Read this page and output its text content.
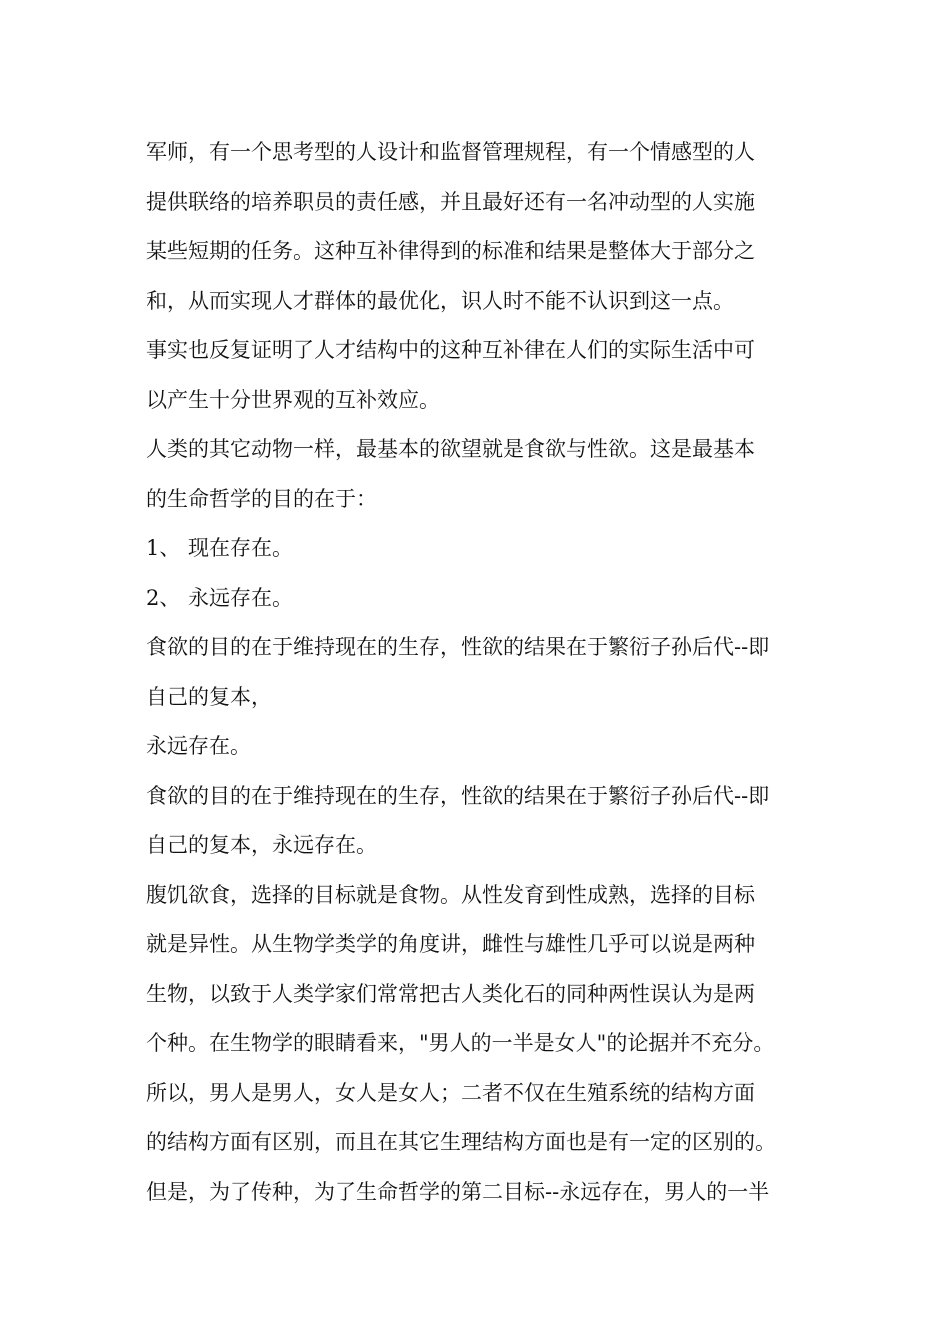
军师，有一个思考型的人设计和监督管理规程，有一个情感型的人
提供联络的培养职员的责任感，并且最好还有一名冲动型的人实施
某些短期的任务。这种互补律得到的标准和结果是整体大于部分之
和，从而实现人才群体的最优化，识人时不能不认识到这一点。
事实也反复证明了人才结构中的这种互补律在人们的实际生活中可
以产生十分世界观的互补效应。
人类的其它动物一样，最基本的欲望就是食欲与性欲。这是最基本
的生命哲学的目的在于：
1、 现在存在。
2、 永远存在。
食欲的目的在于维持现在的生存，性欲的结果在于繁衍子孙后代--即
自己的复本，
永远存在。
食欲的目的在于维持现在的生存，性欲的结果在于繁衍子孙后代--即
自己的复本，永远存在。
腹饥欲食，选择的目标就是食物。从性发育到性成熟，选择的目标
就是异性。从生物学类学的角度讲，雌性与雄性几乎可以说是两种
生物，以致于人类学家们常常把古人类化石的同种两性误认为是两
个种。在生物学的眼睛看来，"男人的一半是女人"的论据并不充分。
所以，男人是男人，女人是女人；二者不仅在生殖系统的结构方面
的结构方面有区别，而且在其它生理结构方面也是有一定的区别的。
但是，为了传种，为了生命哲学的第二目标--永远存在，男人的一半
